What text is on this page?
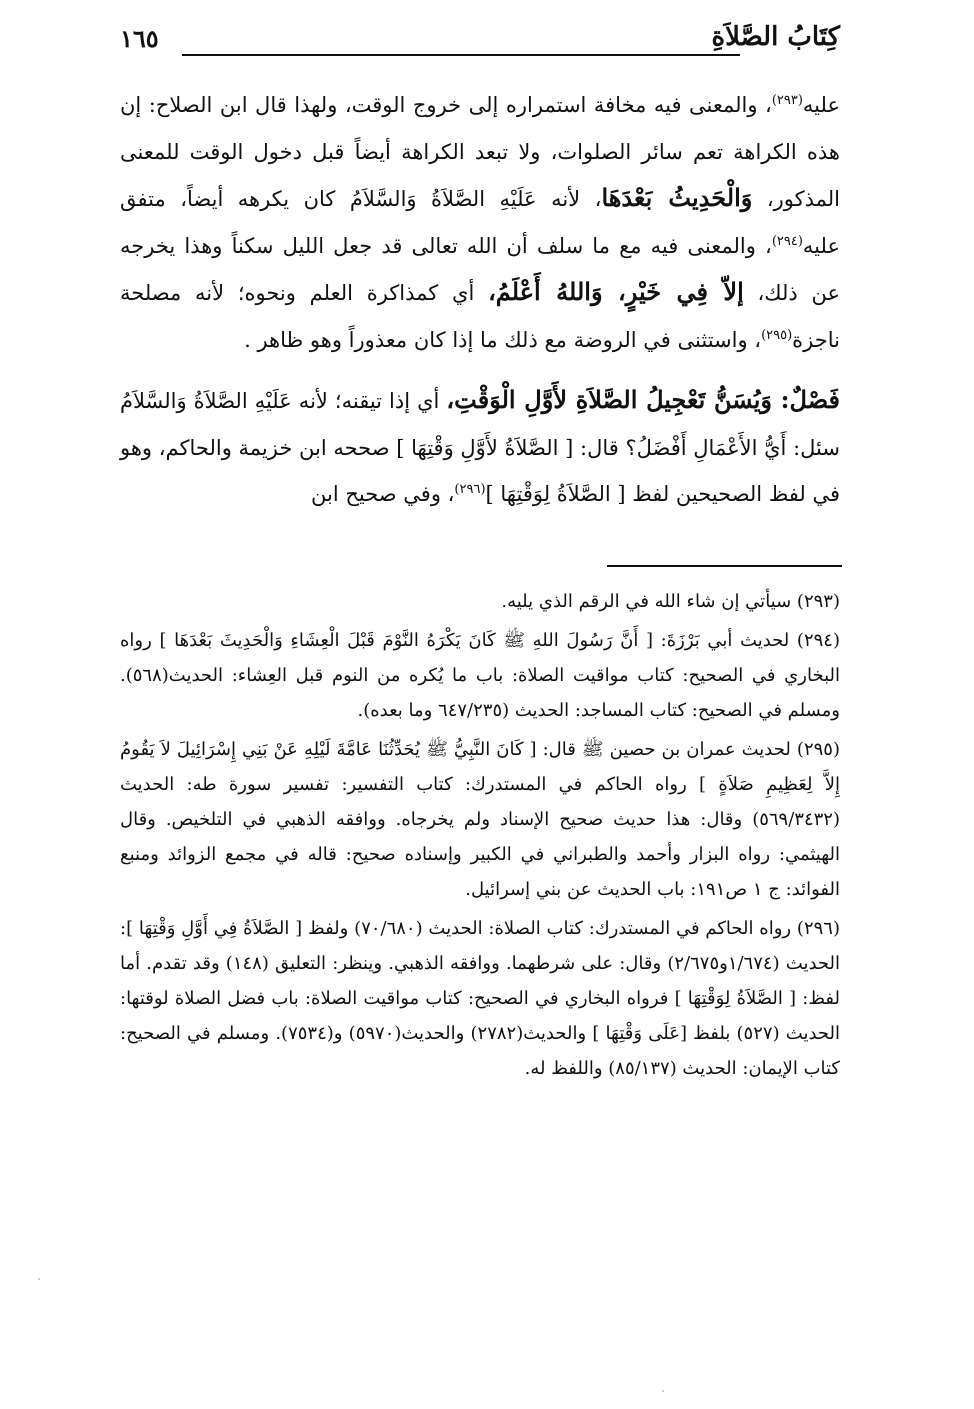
كِتَابُ الصَّلاَةِ
١٦٥

عليه$^{(٢٩٣)}$، والمعنى فيه مخافة استمراره إلى خروج الوقت، ولهذا قال ابن الصلاح: إن هذه الكراهة تعم سائر الصلوات، ولا تبعد الكراهة أيضاً قبل دخول الوقت للمعنى المذكور، وَالْحَدِيثُ بَعْدَهَا، لأنه عَلَيْهِ الصَّلاَةُ وَالسَّلاَمُ كان يكرهه أيضاً، متفق عليه$^{(٢٩٤)}$، والمعنى فيه مع ما سلف أن الله تعالى قد جعل الليل سكناً وهذا يخرجه عن ذلك، إلاّ فِي خَيْرٍ، وَاللهُ أَعْلَمُ، أي كمذاكرة العلم ونحوه؛ لأنه مصلحة ناجزة$^{(٢٩٥)}$، واستثنى في الروضة مع ذلك ما إذا كان معذوراً وهو ظاهر .

فَصْلٌ: وَيُسَنُّ تَعْجِيلُ الصَّلاَةِ لأَوَّلِ الْوَقْتِ، أي إذا تيقنه؛ لأنه عَلَيْهِ الصَّلاَةُ وَالسَّلاَمُ سئل: أَيُّ الأَعْمَالِ أَفْضَلُ؟ قال: [ الصَّلاَةُ لأَوَّلِ وَقْتِهَا ] صححه ابن خزيمة والحاكم، وهو في لفظ الصحيحين لفظ [ الصَّلاَةُ لِوَقْتِهَا ]$^{(٢٩٦)}$، وفي صحيح ابن

(٢٩٣) سيأتي إن شاء الله في الرقم الذي يليه.

(٢٩٤) لحديث أبي بَرْزَةَ: [ أَنَّ رَسُولَ اللهِ ﷺ كَانَ يَكْرَهُ النَّوْمَ قَبْلَ الْعِشَاءِ وَالْحَدِيثَ بَعْدَهَا ] رواه البخاري في الصحيح: كتاب مواقيت الصلاة: باب ما يُكره من النوم قبل العِشاء: الحديث(٥٦٨). ومسلم في الصحيح: كتاب المساجد: الحديث (٦٤٧/٢٣٥ وما بعده).

(٢٩٥) لحديث عمران بن حصين ﷺ قال: [ كَانَ النَّبِيُّ ﷺ يُحَدِّثُنَا عَامَّةَ لَيْلِهِ عَنْ بَنِي إِسْرَائِيلَ لاَ يَقُومُ إِلاَّ لِعَظِيمِ صَلاَةٍ ] رواه الحاكم في المستدرك: كتاب التفسير: تفسير سورة طه: الحديث (٥٦٩/٣٤٣٢) وقال: هذا حديث صحيح الإسناد ولم يخرجاه. ووافقه الذهبي في التلخيص. وقال الهيثمي: رواه البزار وأحمد والطبراني في الكبير وإسناده صحيح: قاله في مجمع الزوائد ومنبع الفوائد: ج ١ ص١٩١: باب الحديث عن بني إسرائيل.

(٢٩٦) رواه الحاكم في المستدرك: كتاب الصلاة: الحديث (٧٠/٦٨٠) ولفظ [ الصَّلاَةُ فِي أَوَّلِ وَقْتِهَا ]: الحديث (١/٦٧٤و٢/٦٧٥) وقال: على شرطهما. ووافقه الذهبي. وينظر: التعليق (١٤٨) وقد تقدم. أما لفظ: [ الصَّلاَةُ لِوَقْتِهَا ] فرواه البخاري في الصحيح: كتاب مواقيت الصلاة: باب فضل الصلاة لوقتها: الحديث (٥٢٧) بلفظ [عَلَى وَقْتِهَا ] والحديث(٢٧٨٢) والحديث(٥٩٧٠) و(٧٥٣٤). ومسلم في الصحيح: كتاب الإيمان: الحديث (٨٥/١٣٧) واللفظ له.
